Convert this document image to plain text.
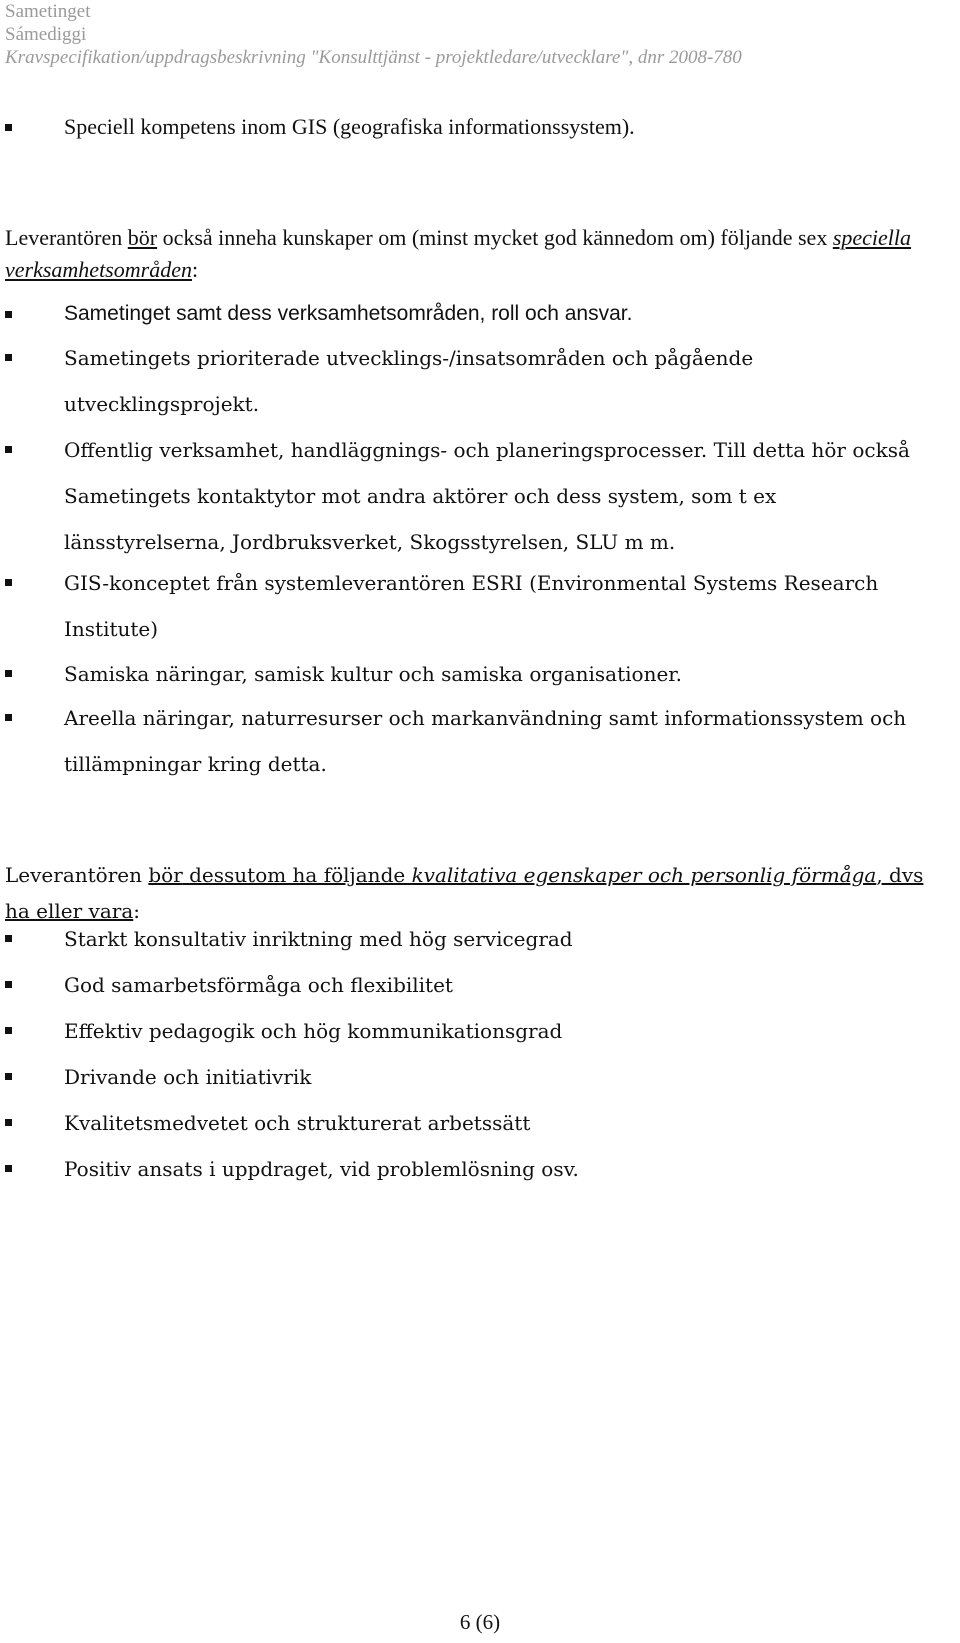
Sametinget
Sámediggi
Kravspecifikation/uppdragsbeskrivning "Konsulttjänst - projektledare/utvecklare", dnr 2008-780
Speciell kompetens inom GIS (geografiska informationssystem).
Leverantören bör också inneha kunskaper om (minst mycket god kännedom om) följande sex speciella verksamhetsområden:
Sametinget samt dess verksamhetsområden, roll och ansvar.
Sametingets prioriterade utvecklings-/insatsområden och pågående utvecklingsprojekt.
Offentlig verksamhet, handläggnings- och planeringsprocesser. Till detta hör också Sametingets kontaktytor mot andra aktörer och dess system, som t ex länsstyrelserna, Jordbruksverket, Skogsstyrelsen, SLU m m.
GIS-konceptet från systemleverantören ESRI (Environmental Systems Research Institute)
Samiska näringar, samisk kultur och samiska organisationer.
Areella näringar, naturresurser och markanvändning samt informationssystem och tillämpningar kring detta.
Leverantören bör dessutom ha följande kvalitativa egenskaper och personlig förmåga, dvs ha eller vara:
Starkt konsultativ inriktning med hög servicegrad
God samarbetsförmåga och flexibilitet
Effektiv pedagogik och hög kommunikationsgrad
Drivande och initiativrik
Kvalitetsmedvetet och strukturerat arbetssätt
Positiv ansats i uppdraget, vid problemlösning osv.
6 (6)
